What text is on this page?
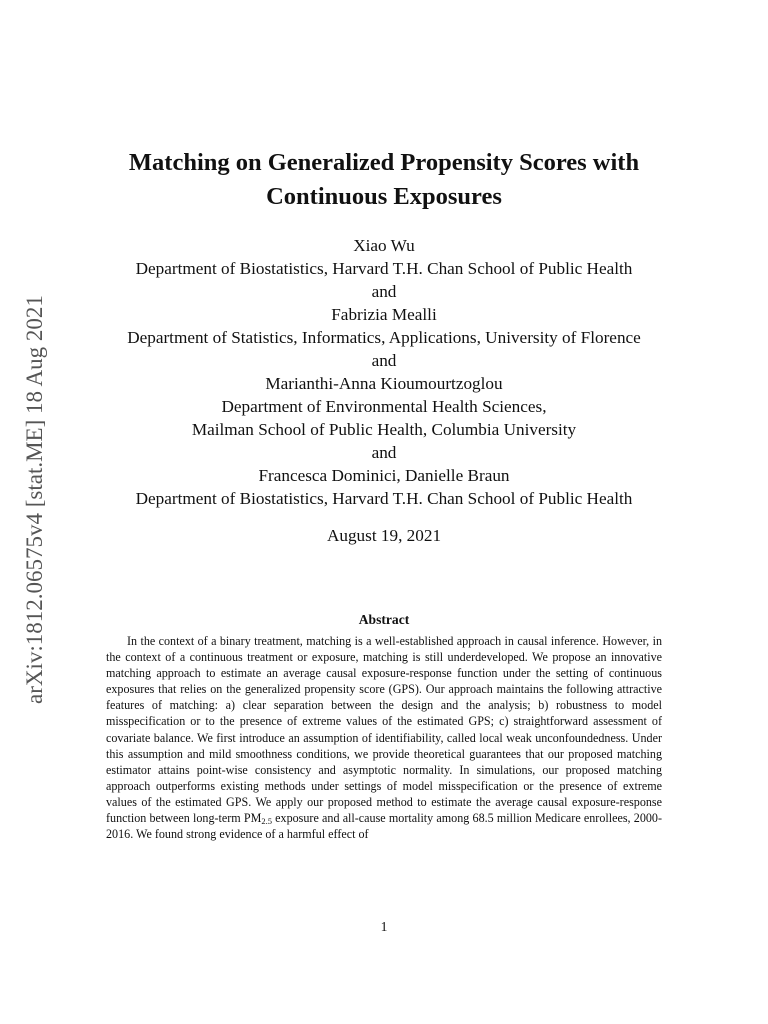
arXiv:1812.06575v4 [stat.ME] 18 Aug 2021
Matching on Generalized Propensity Scores with
Continuous Exposures
Xiao Wu
Department of Biostatistics, Harvard T.H. Chan School of Public Health
and
Fabrizia Mealli
Department of Statistics, Informatics, Applications, University of Florence
and
Marianthi-Anna Kioumourtzoglou
Department of Environmental Health Sciences,
Mailman School of Public Health, Columbia University
and
Francesca Dominici, Danielle Braun
Department of Biostatistics, Harvard T.H. Chan School of Public Health
August 19, 2021
Abstract

In the context of a binary treatment, matching is a well-established approach in causal inference. However, in the context of a continuous treatment or exposure, matching is still underdeveloped. We propose an innovative matching approach to estimate an average causal exposure-response function under the setting of continuous exposures that relies on the generalized propensity score (GPS). Our approach maintains the following attractive features of matching: a) clear separation between the design and the analysis; b) robustness to model misspecification or to the presence of extreme values of the estimated GPS; c) straightforward assessment of covariate balance. We first introduce an assumption of identifiability, called local weak unconfoundedness. Under this assumption and mild smoothness conditions, we provide theoretical guarantees that our proposed matching estimator attains point-wise consistency and asymptotic normality. In simulations, our proposed matching approach outperforms existing methods under settings of model misspecification or the presence of extreme values of the estimated GPS. We apply our proposed method to estimate the average causal exposure-response function between long-term $PM_{2.5}$ exposure and all-cause mortality among 68.5 million Medicare enrollees, 2000-2016. We found strong evidence of a harmful effect of

1
